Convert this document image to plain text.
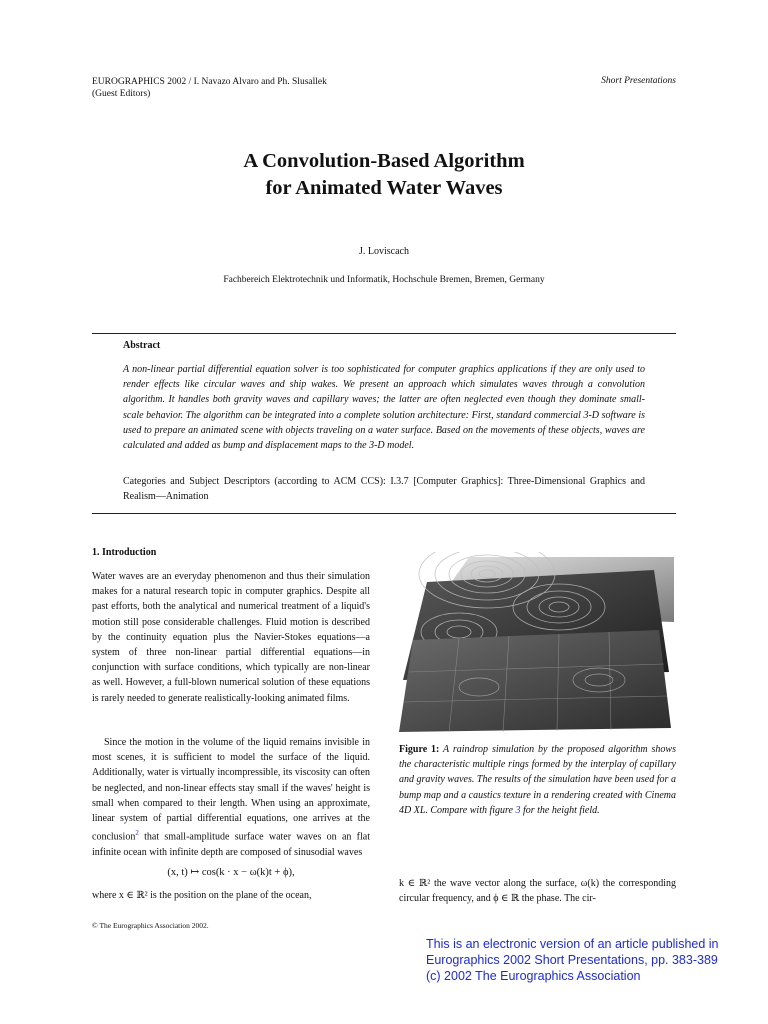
EUROGRAPHICS 2002 / I. Navazo Alvaro and Ph. Slusallek
(Guest Editors)
Short Presentations
A Convolution-Based Algorithm
for Animated Water Waves
J. Loviscach
Fachbereich Elektrotechnik und Informatik, Hochschule Bremen, Bremen, Germany
Abstract
A non-linear partial differential equation solver is too sophisticated for computer graphics applications if they are only used to render effects like circular waves and ship wakes. We present an approach which simulates waves through a convolution algorithm. It handles both gravity waves and capillary waves; the latter are often neglected even though they dominate small-scale behavior. The algorithm can be integrated into a complete solution architecture: First, standard commercial 3-D software is used to prepare an animated scene with objects traveling on a water surface. Based on the movements of these objects, waves are calculated and added as bump and displacement maps to the 3-D model.
Categories and Subject Descriptors (according to ACM CCS): I.3.7 [Computer Graphics]: Three-Dimensional Graphics and Realism—Animation
1. Introduction
Water waves are an everyday phenomenon and thus their simulation makes for a natural research topic in computer graphics. Despite all past efforts, both the analytical and numerical treatment of a liquid's motion still pose considerable challenges. Fluid motion is described by the continuity equation plus the Navier-Stokes equations—a system of three non-linear partial differential equations—in conjunction with surface conditions, which typically are non-linear as well. However, a full-blown numerical solution of these equations is rarely needed to generate realistically-looking animated films.
Since the motion in the volume of the liquid remains invisible in most scenes, it is sufficient to model the surface of the liquid. Additionally, water is virtually incompressible, its viscosity can often be neglected, and non-linear effects stay small if the waves' height is small when compared to their length. When using an approximate, linear system of partial differential equations, one arrives at the conclusion$^2$ that small-amplitude surface water waves on an flat infinite ocean with infinite depth are composed of sinusodial waves
(x, t) ↦ cos(k · x − ω(k)t + ϕ),
where x ∈ ℝ² is the position on the plane of the ocean,
Figure 1: A raindrop simulation by the proposed algorithm shows the characteristic multiple rings formed by the interplay of capillary and gravity waves. The results of the simulation have been used for a bump map and a caustics texture in a rendering created with Cinema 4D XL. Compare with figure 3 for the height field.
k ∈ ℝ² the wave vector along the surface, ω(k) the corresponding circular frequency, and ϕ ∈ ℝ the phase. The cir-
© The Eurographics Association 2002.
This is an electronic version of an article published in
Eurographics 2002 Short Presentations, pp. 383-389
(c) 2002 The Eurographics Association
